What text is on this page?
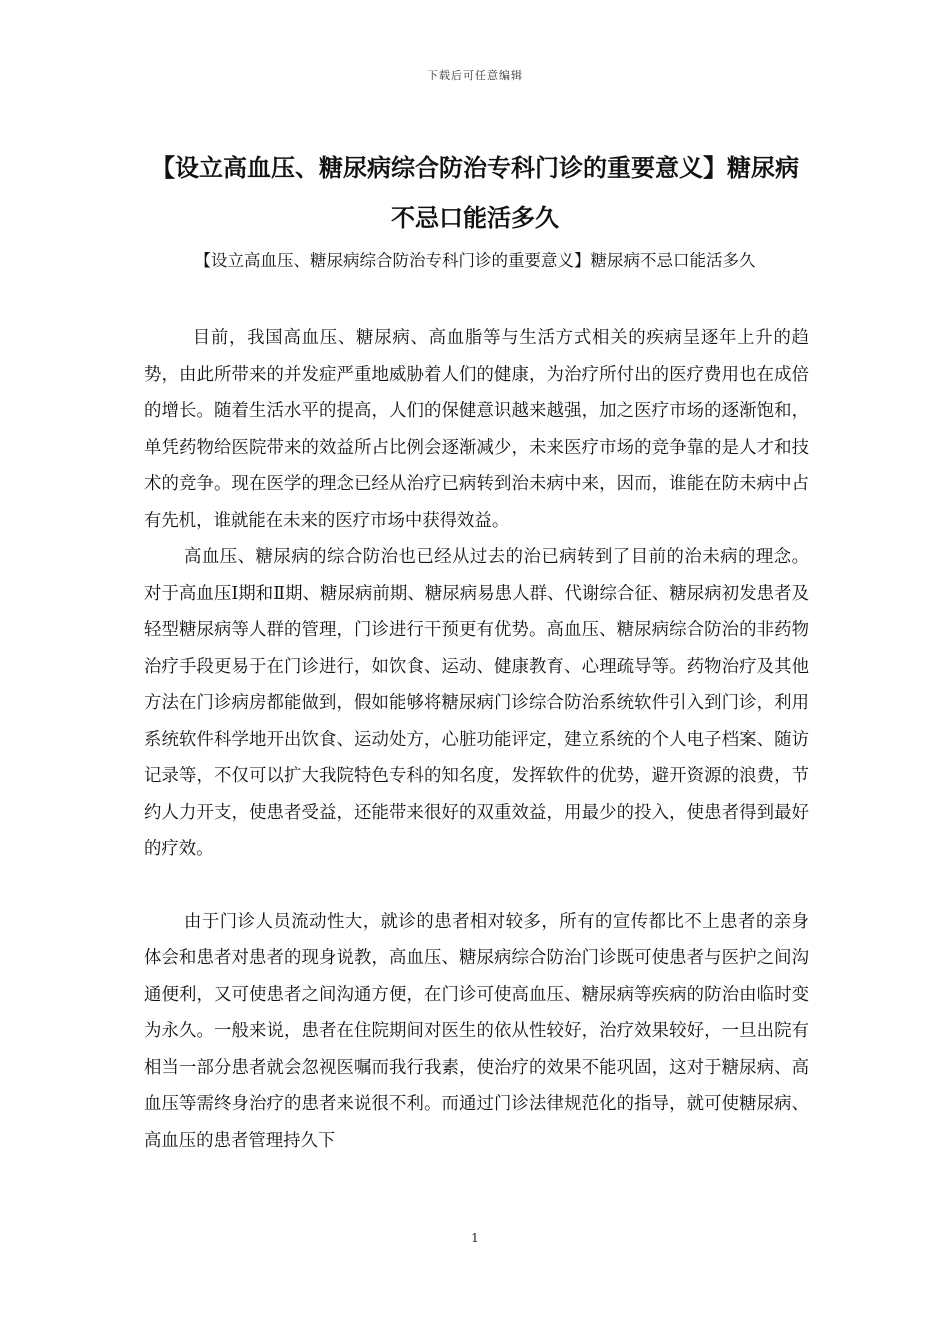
下载后可任意编辑
【设立高血压、糖尿病综合防治专科门诊的重要意义】糖尿病不忌口能活多久

【设立高血压、糖尿病综合防治专科门诊的重要意义】糖尿病不忌口能活多久

目前，我国高血压、糖尿病、高血脂等与生活方式相关的疾病呈逐年上升的趋势，由此所带来的并发症严重地威胁着人们的健康，为治疗所付出的医疗费用也在成倍的增长。随着生活水平的提高，人们的保健意识越来越强，加之医疗市场的逐渐饱和，单凭药物给医院带来的效益所占比例会逐渐减少，未来医疗市场的竞争靠的是人才和技术的竞争。现在医学的理念已经从治疗已病转到治未病中来，因而，谁能在防未病中占有先机，谁就能在未来的医疗市场中获得效益。

高血压、糖尿病的综合防治也已经从过去的治已病转到了目前的治未病的理念。对于高血压Ⅰ期和Ⅱ期、糖尿病前期、糖尿病易患人群、代谢综合征、糖尿病初发患者及轻型糖尿病等人群的管理，门诊进行干预更有优势。高血压、糖尿病综合防治的非药物治疗手段更易于在门诊进行，如饮食、运动、健康教育、心理疏导等。药物治疗及其他方法在门诊病房都能做到，假如能够将糖尿病门诊综合防治系统软件引入到门诊，利用系统软件科学地开出饮食、运动处方，心脏功能评定，建立系统的个人电子档案、随访记录等，不仅可以扩大我院特色专科的知名度，发挥软件的优势，避开资源的浪费，节约人力开支，使患者受益，还能带来很好的双重效益，用最少的投入，使患者得到最好的疗效。

由于门诊人员流动性大，就诊的患者相对较多，所有的宣传都比不上患者的亲身体会和患者对患者的现身说教，高血压、糖尿病综合防治门诊既可使患者与医护之间沟通便利，又可使患者之间沟通方便，在门诊可使高血压、糖尿病等疾病的防治由临时变为永久。一般来说，患者在住院期间对医生的依从性较好，治疗效果较好，一旦出院有相当一部分患者就会忽视医嘱而我行我素，使治疗的效果不能巩固，这对于糖尿病、高血压等需终身治疗的患者来说很不利。而通过门诊法律规范化的指导，就可使糖尿病、高血压的患者管理持久下

1
